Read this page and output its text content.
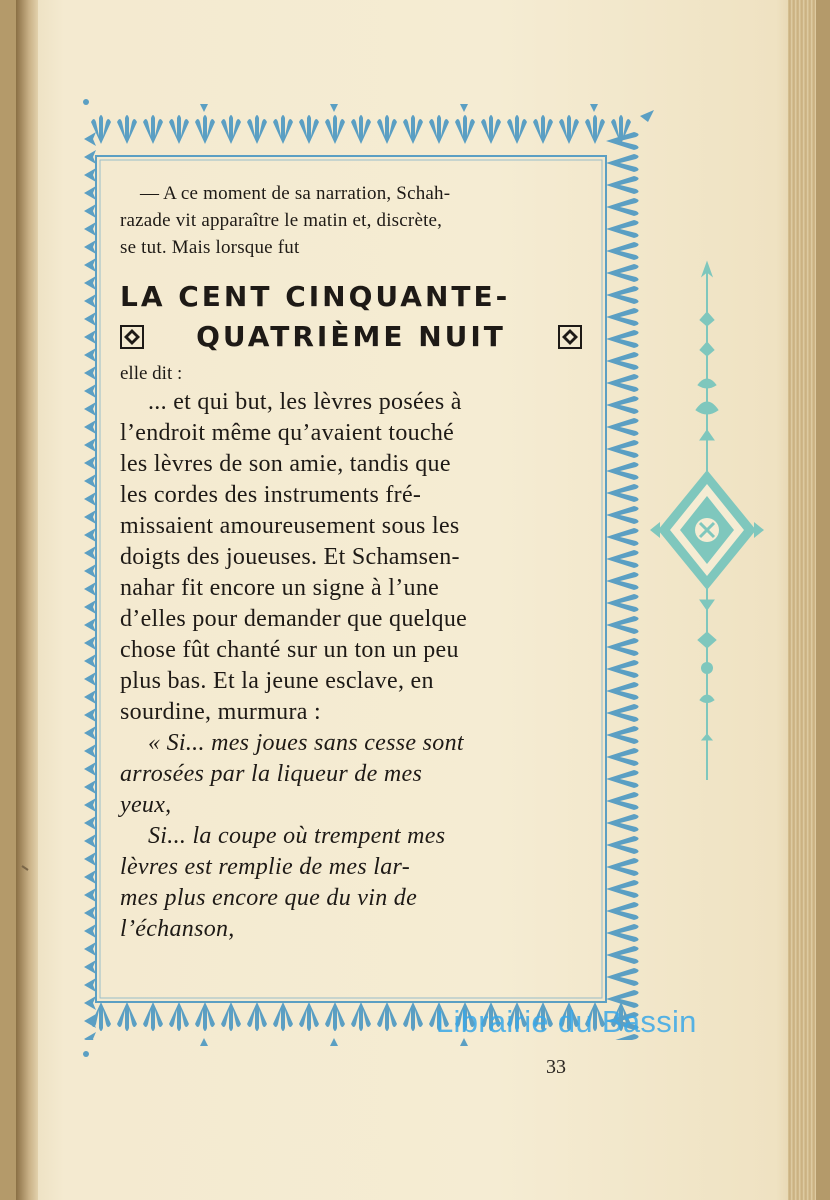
— A ce moment de sa narration, Schah-
razade vit apparaître le matin et, discrète,
se tut. Mais lorsque fut

LA CENT CINQUANTE-
QUATRIÈME NUIT

elle dit :

... et qui but, les lèvres posées à
l’endroit même qu’avaient touché
les lèvres de son amie, tandis que
les cordes des instruments fré-
missaient amoureusement sous les
doigts des joueuses. Et Schamsen-
nahar fit encore un signe à l’une
d’elles pour demander que quelque
chose fût chanté sur un ton un peu
plus bas. Et la jeune esclave, en
sourdine, murmura :

« Si... mes joues sans cesse sont
arrosées par la liqueur de mes
yeux,
Si... la coupe où trempent mes
lèvres est remplie de mes lar-
mes plus encore que du vin de
l’échanson,

Librairie du Bassin
33
